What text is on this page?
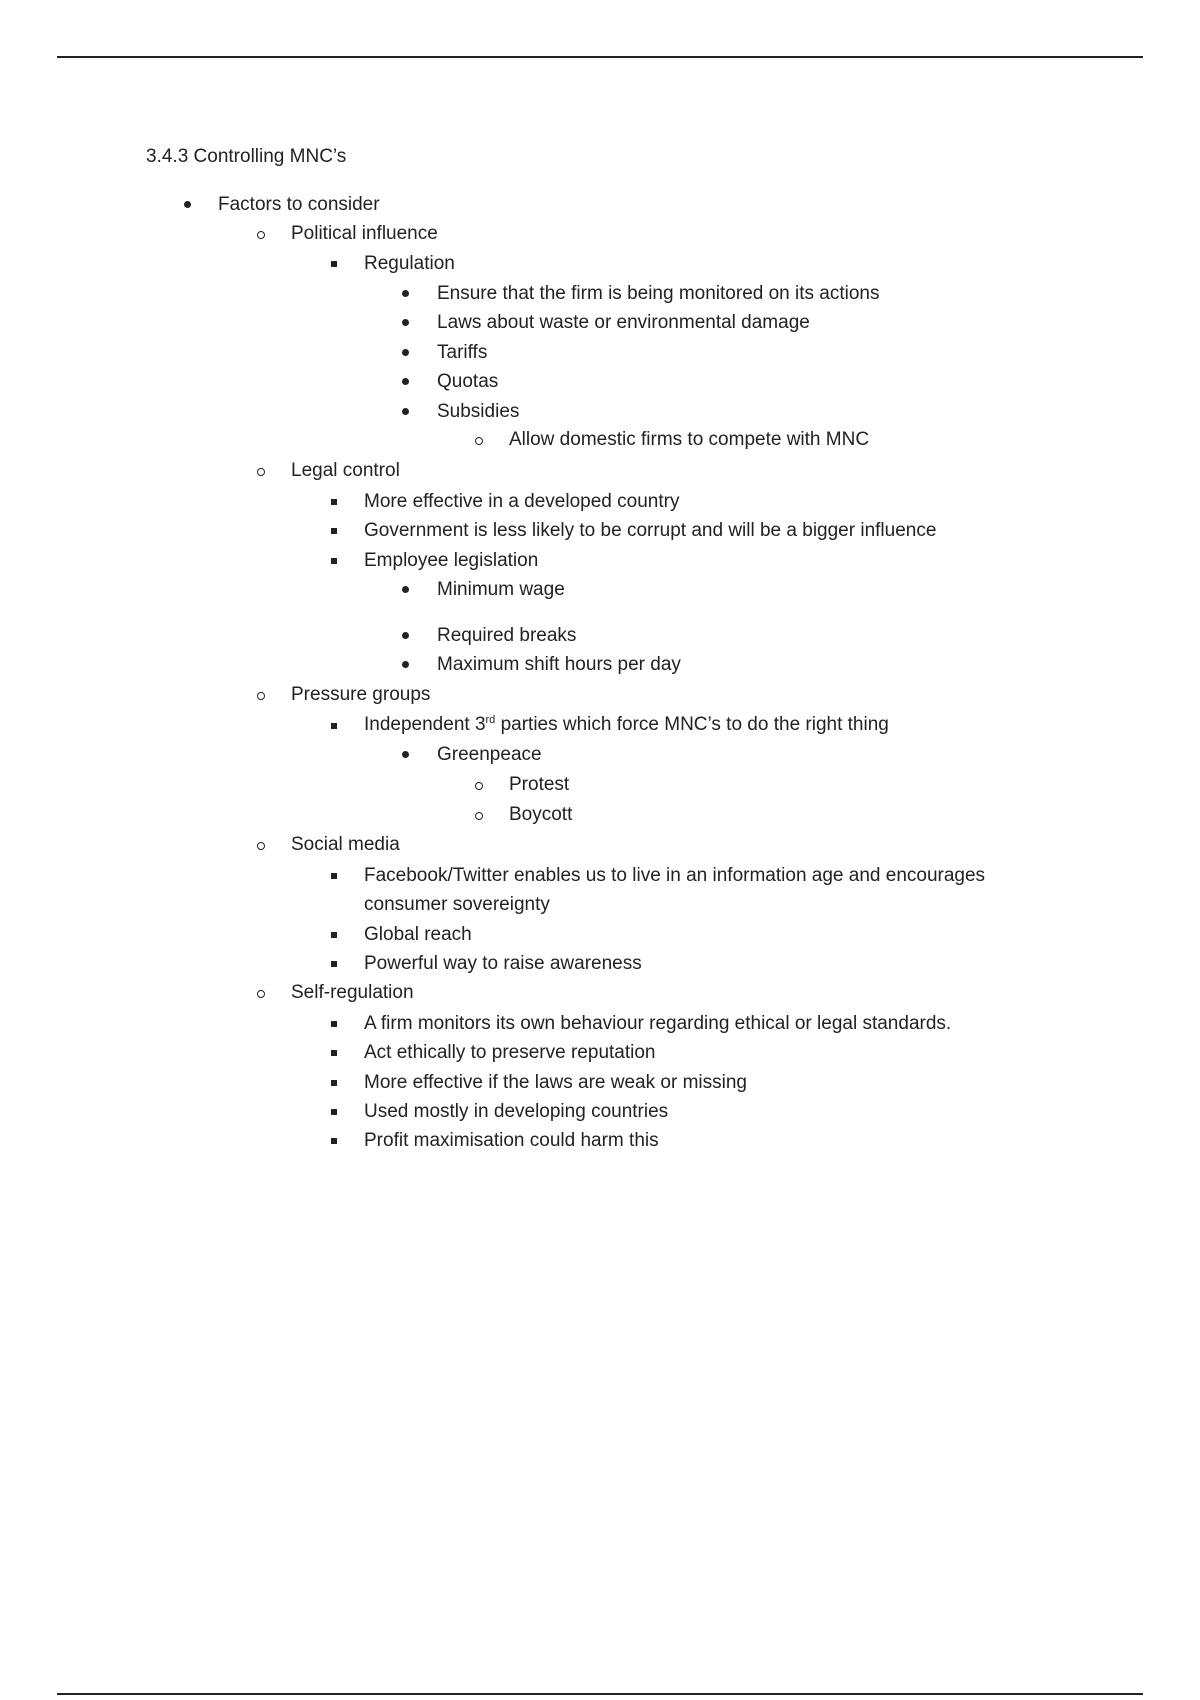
3.4.3 Controlling MNC’s
Factors to consider
Political influence
Regulation
Ensure that the firm is being monitored on its actions
Laws about waste or environmental damage
Tariffs
Quotas
Subsidies
Allow domestic firms to compete with MNC
Legal control
More effective in a developed country
Government is less likely to be corrupt and will be a bigger influence
Employee legislation
Minimum wage
Required breaks
Maximum shift hours per day
Pressure groups
Independent 3rd parties which force MNC’s to do the right thing
Greenpeace
Protest
Boycott
Social media
Facebook/Twitter enables us to live in an information age and encourages
consumer sovereignty
Global reach
Powerful way to raise awareness
Self-regulation
A firm monitors its own behaviour regarding ethical or legal standards.
Act ethically to preserve reputation
More effective if the laws are weak or missing
Used mostly in developing countries
Profit maximisation could harm this
